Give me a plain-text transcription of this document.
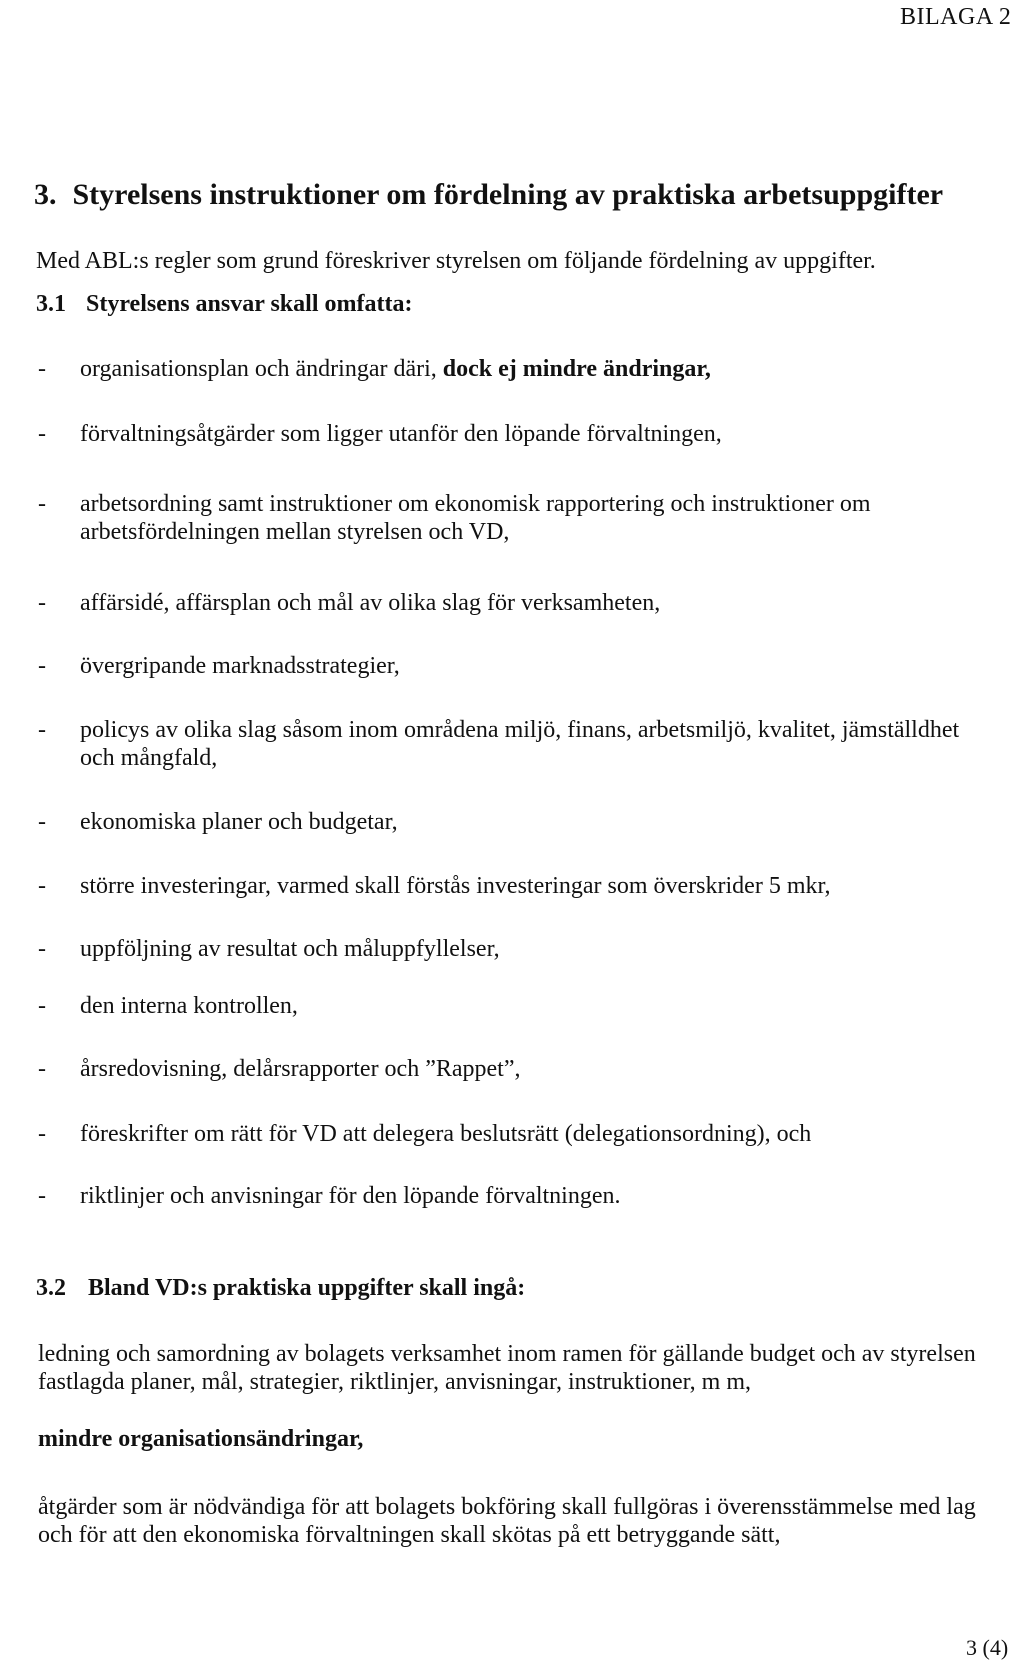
BILAGA 2
3. Styrelsens instruktioner om fördelning av praktiska arbetsuppgifter
Med ABL:s regler som grund föreskriver styrelsen om följande fördelning av uppgifter.
3.1 Styrelsens ansvar skall omfatta:
- organisationsplan och ändringar däri, dock ej mindre ändringar,
- förvaltningsåtgärder som ligger utanför den löpande förvaltningen,
- arbetsordning samt instruktioner om ekonomisk rapportering och instruktioner om arbetsfördelningen mellan styrelsen och VD,
- affärsidé, affärsplan och mål av olika slag för verksamheten,
- övergripande marknadsstrategier,
- policys av olika slag såsom inom områdena miljö, finans, arbetsmiljö, kvalitet, jämställdhet och mångfald,
- ekonomiska planer och budgetar,
- större investeringar, varmed skall förstås investeringar som överskrider 5 mkr,
- uppföljning av resultat och måluppfyllelser,
- den interna kontrollen,
- årsredovisning, delårsrapporter och ”Rappet”,
- föreskrifter om rätt för VD att delegera beslutsrätt (delegationsordning), och
- riktlinjer och anvisningar för den löpande förvaltningen.
3.2 Bland VD:s praktiska uppgifter skall ingå:
ledning och samordning av bolagets verksamhet inom ramen för gällande budget och av styrelsen fastlagda planer, mål, strategier, riktlinjer, anvisningar, instruktioner, m m,
mindre organisationsändringar,
åtgärder som är nödvändiga för att bolagets bokföring skall fullgöras i överensstämmelse med lag och för att den ekonomiska förvaltningen skall skötas på ett betryggande sätt,
3 (4)
